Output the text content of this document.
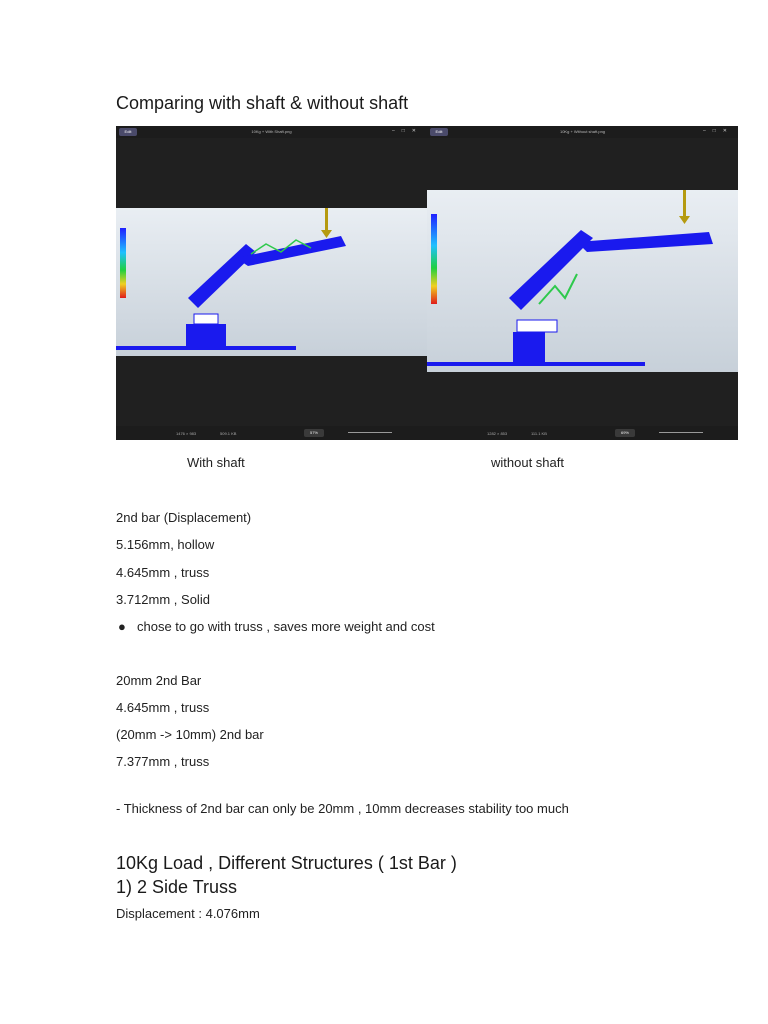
Comparing with shaft & without shaft
Edit	10Kg + With Shaft.png	–□✕
1476 × 983	509.1 KB	57%
Edit	10Kg + Without shaft.png	–□✕
1282 × 853	111.1 KB	69%
With shaft	without shaft
2nd bar (Displacement)
5.156mm, hollow
4.645mm , truss
3.712mm , Solid
● chose to go with truss , saves more weight and cost
20mm 2nd Bar
4.645mm , truss
(20mm -> 10mm) 2nd bar
7.377mm , truss
- Thickness of 2nd bar can only be 20mm , 10mm decreases stability too much
10Kg Load , Different Structures ( 1st Bar )
1) 2 Side Truss
Displacement : 4.076mm
